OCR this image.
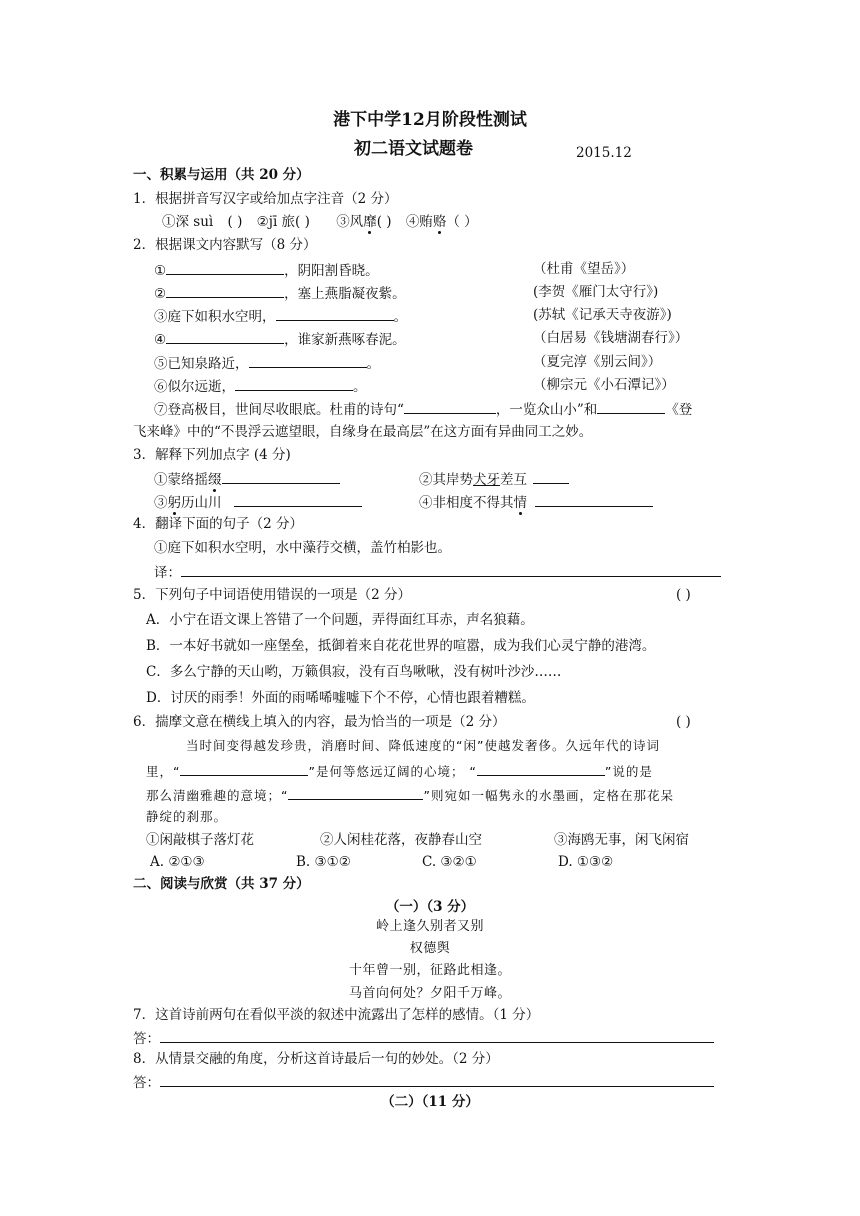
港下中学12月阶段性测试
初二语文试题卷	2015.12
一、积累与运用（共 20 分）
1．根据拼音写汉字或给加点字注音（2 分）
①深 suì ( ) ②jī 旅( ) ③风靡( ) ④贿赂（ ）
2．根据课文内容默写（8 分）
①	，阴阳割昏晓。	（杜甫《望岳》）
②	，塞上燕脂凝夜紫。	(李贺《雁门太守行》)
③庭下如积水空明，	。	(苏轼《记承天寺夜游》)
④	，谁家新燕啄春泥。	（白居易《钱塘湖春行》）
⑤已知泉路近，	。	（夏完淳《别云间》）
⑥似尔远逝，	。	（柳宗元《小石潭记》）
⑦登高极目，世间尽收眼底。杜甫的诗句“	，一览众山小”和	《登
飞来峰》中的“不畏浮云遮望眼，自缘身在最高层”在这方面有异曲同工之妙。
3．解释下列加点字 (4 分)
①蒙络摇缀	②其岸势犬牙差互
③躬历山川	④非相度不得其情
4．翻译下面的句子（2 分）
①庭下如积水空明，水中藻荇交横，盖竹柏影也。
译：
5．下列句子中词语使用错误的一项是（2 分）	( )
A．小宁在语文课上答错了一个问题，弄得面红耳赤，声名狼藉。
B．一本好书就如一座堡垒，抵御着来自花花世界的喧嚣，成为我们心灵宁静的港湾。
C．多么宁静的天山哟，万籁俱寂，没有百鸟啾啾，没有树叶沙沙……
D．讨厌的雨季！外面的雨唏唏嘘嘘下个不停，心情也跟着糟糕。
6．揣摩文意在横线上填入的内容，最为恰当的一项是（2 分）	( )
当时间变得越发珍贵，消磨时间、降低速度的“闲”使越发奢侈。久远年代的诗词
里，“	”是何等悠远辽阔的心境； “	”说的是
那么清幽雅趣的意境；“	”则宛如一幅隽永的水墨画，定格在那花呆
静绽的刹那。
①闲敲棋子落灯花	②人闲桂花落，夜静春山空	③海鸥无事，闲飞闲宿
A. ②①③	B. ③①②	C. ③②①	D. ①③②
二、阅读与欣赏（共 37 分）
（一）（3 分）
岭上逢久别者又别
权德舆
十年曾一别，征路此相逢。
马首向何处？夕阳千万峰。
7．这首诗前两句在看似平淡的叙述中流露出了怎样的感情。（1 分）
答：
8．从情景交融的角度，分析这首诗最后一句的妙处。（2 分）
答：
（二）（11 分）
